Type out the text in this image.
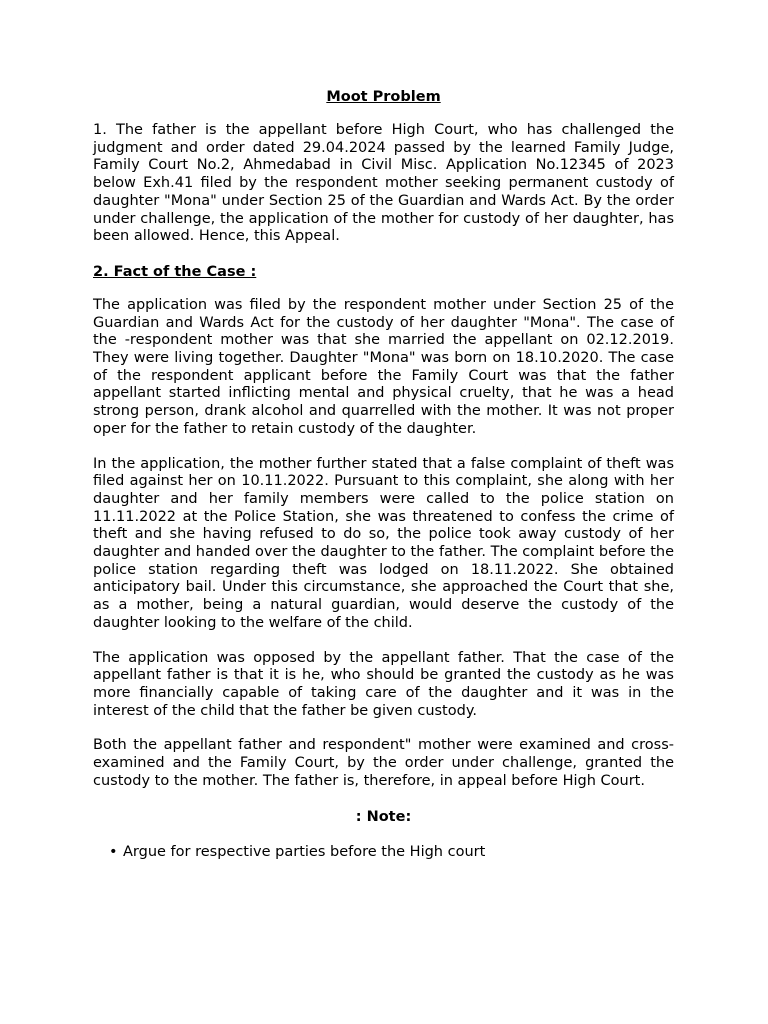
Moot Problem

1. The father is the appellant before High Court, who has challenged the judgment and order dated 29.04.2024 passed by the learned Family Judge, Family Court No.2, Ahmedabad in Civil Misc. Application No.12345 of 2023 below Exh.41 filed by the respondent mother seeking permanent custody of daughter "Mona" under Section 25 of the Guardian and Wards Act. By the order under challenge, the application of the mother for custody of her daughter, has been allowed. Hence, this Appeal.

2. Fact of the Case :

The application was filed by the respondent mother under Section 25 of the Guardian and Wards Act for the custody of her daughter "Mona". The case of the -respondent mother was that she married the appellant on 02.12.2019. They were living together. Daughter "Mona" was born on 18.10.2020. The case of the respondent applicant before the Family Court was that the father appellant started inflicting mental and physical cruelty, that he was a head strong person, drank alcohol and quarrelled with the mother. It was not proper oper for the father to retain custody of the daughter.

In the application, the mother further stated that a false complaint of theft was filed against her on 10.11.2022. Pursuant to this complaint, she along with her daughter and her family members were called to the police station on 11.11.2022 at the Police Station, she was threatened to confess the crime of theft and she having refused to do so, the police took away custody of her daughter and handed over the daughter to the father. The complaint before the police station regarding theft was lodged on 18.11.2022. She obtained anticipatory bail. Under this circumstance, she approached the Court that she, as a mother, being a natural guardian, would deserve the custody of the daughter looking to the welfare of the child.

The application was opposed by the appellant father. That the case of the appellant father is that it is he, who should be granted the custody as he was more financially capable of taking care of the daughter and it was in the interest of the child that the father be given custody.

Both the appellant father and respondent" mother were examined and cross-examined and the Family Court, by the order under challenge, granted the custody to the mother. The father is, therefore, in appeal before High Court.

: Note:
• Argue for respective parties before the High court
